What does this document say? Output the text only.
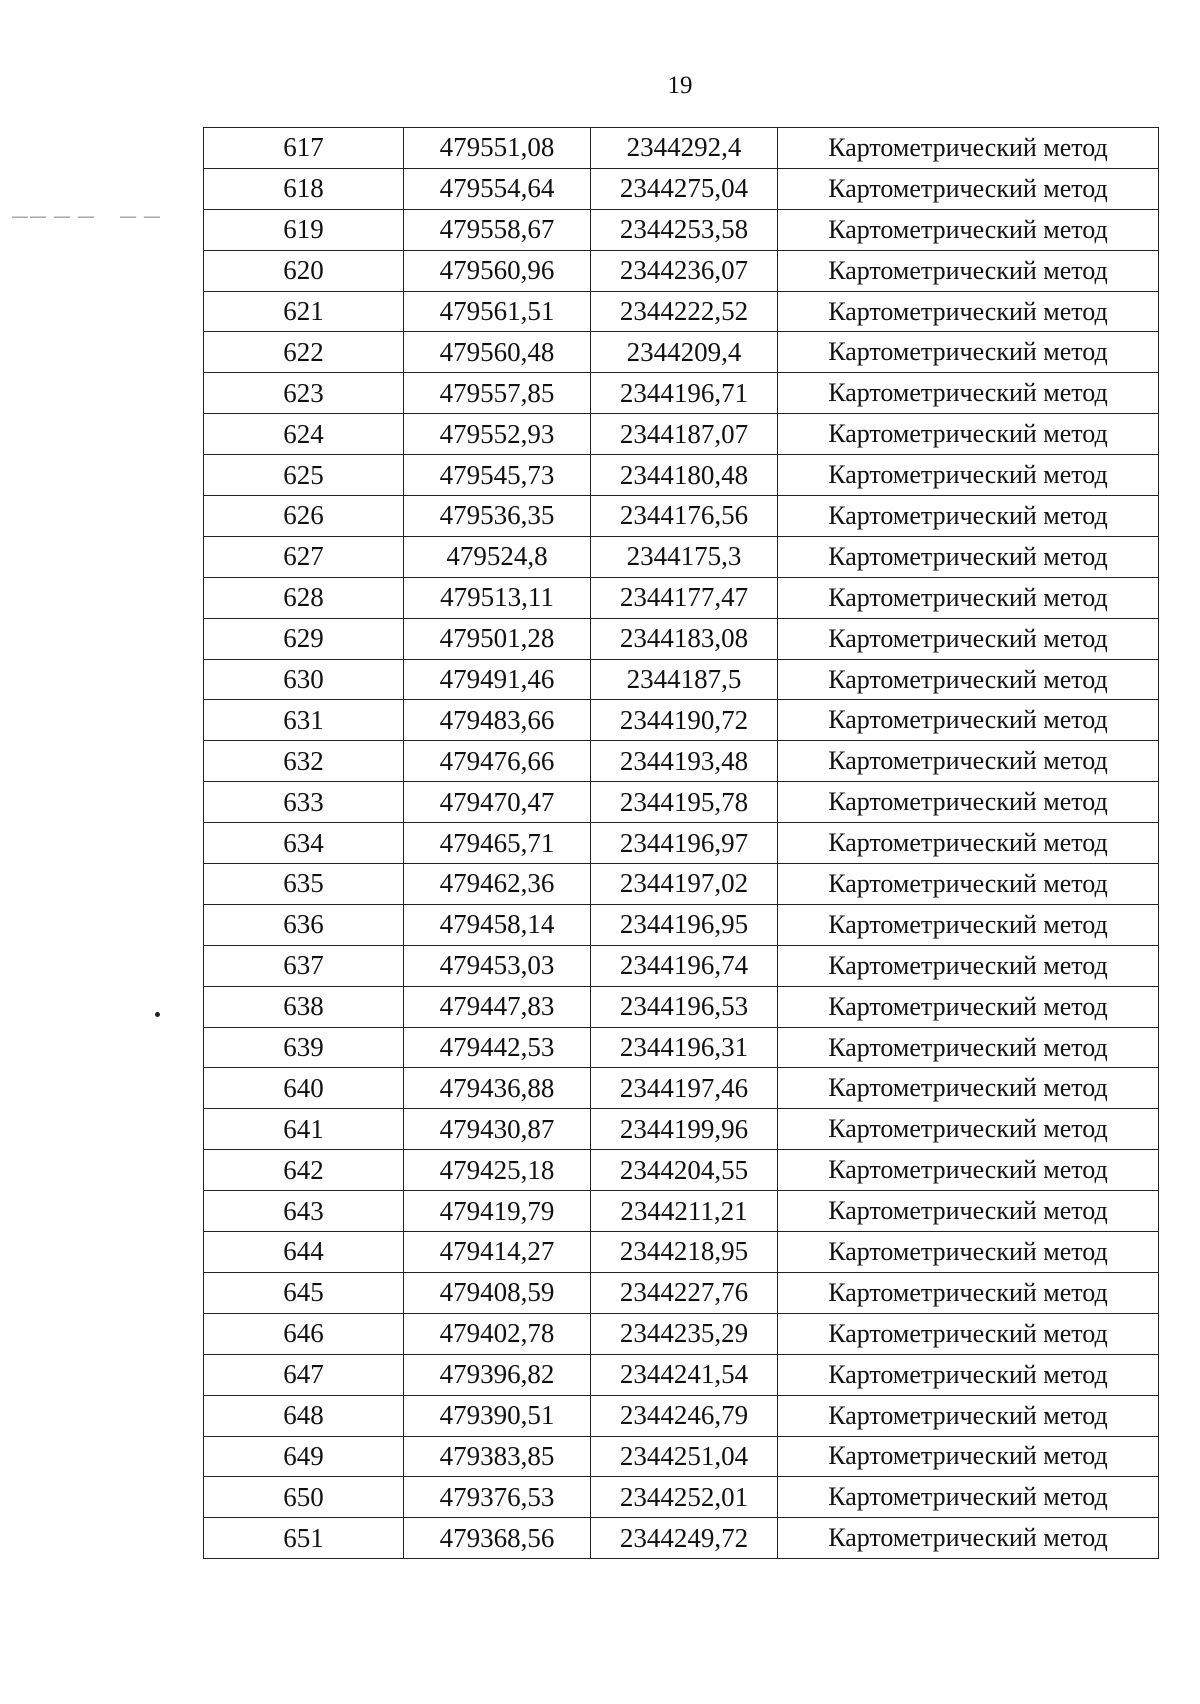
19
—— — —    — —
617	479551,08	2344292,4	Картометрический метод
618	479554,64	2344275,04	Картометрический метод
619	479558,67	2344253,58	Картометрический метод
620	479560,96	2344236,07	Картометрический метод
621	479561,51	2344222,52	Картометрический метод
622	479560,48	2344209,4	Картометрический метод
623	479557,85	2344196,71	Картометрический метод
624	479552,93	2344187,07	Картометрический метод
625	479545,73	2344180,48	Картометрический метод
626	479536,35	2344176,56	Картометрический метод
627	479524,8	2344175,3	Картометрический метод
628	479513,11	2344177,47	Картометрический метод
629	479501,28	2344183,08	Картометрический метод
630	479491,46	2344187,5	Картометрический метод
631	479483,66	2344190,72	Картометрический метод
632	479476,66	2344193,48	Картометрический метод
633	479470,47	2344195,78	Картометрический метод
634	479465,71	2344196,97	Картометрический метод
635	479462,36	2344197,02	Картометрический метод
636	479458,14	2344196,95	Картометрический метод
637	479453,03	2344196,74	Картометрический метод
638	479447,83	2344196,53	Картометрический метод
639	479442,53	2344196,31	Картометрический метод
640	479436,88	2344197,46	Картометрический метод
641	479430,87	2344199,96	Картометрический метод
642	479425,18	2344204,55	Картометрический метод
643	479419,79	2344211,21	Картометрический метод
644	479414,27	2344218,95	Картометрический метод
645	479408,59	2344227,76	Картометрический метод
646	479402,78	2344235,29	Картометрический метод
647	479396,82	2344241,54	Картометрический метод
648	479390,51	2344246,79	Картометрический метод
649	479383,85	2344251,04	Картометрический метод
650	479376,53	2344252,01	Картометрический метод
651	479368,56	2344249,72	Картометрический метод
